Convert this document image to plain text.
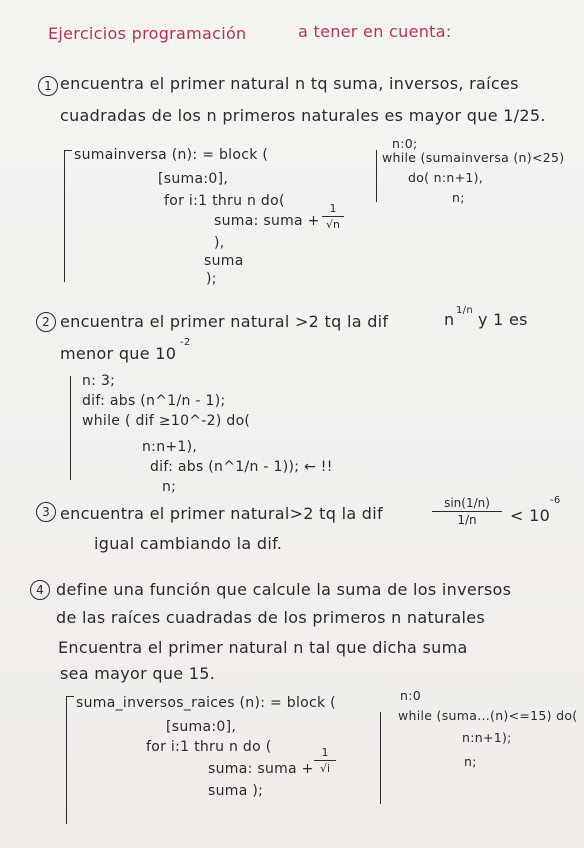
Ejercicios programación	a tener en cuenta:
1 encuentra el primer natural n tq suma, inversos, raíces
cuadradas de los n primeros naturales es mayor que 1/25.
sumainversa (n): = block (
[suma:0],
for i:1 thru n do(
suma: suma +
1
√n
),
suma
);
n:0;
while (sumainversa (n)<25)
do( n:n+1),
n;
2 encuentra el primer natural >2 tq la dif	n 1/n y 1 es
menor que 10
-2
n: 3;
dif: abs (n^1/n - 1);
while ( dif ≥10^-2) do(
n:n+1),
dif: abs (n^1/n - 1)); ← !!
n;
3 encuentra el primer natural>2 tq la dif
sin(1/n)
1/n	< 10
-6
igual cambiando la dif.
4 define una función que calcule la suma de los inversos
de las raíces cuadradas de los primeros n naturales
Encuentra el primer natural n tal que dicha suma
sea mayor que 15.
suma_inversos_raices (n): = block (
[suma:0],
for i:1 thru n do (
suma: suma +
1
√i
suma );
n:0
while (suma...(n)<=15) do(
n:n+1);
n;
